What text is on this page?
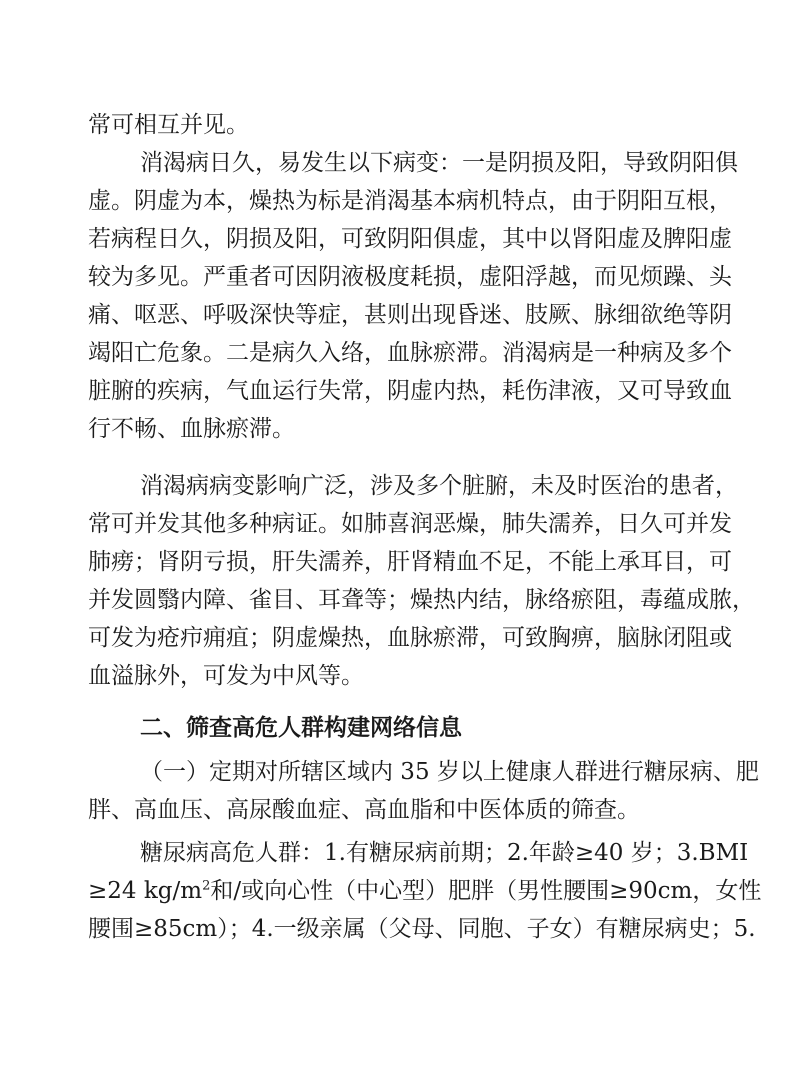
常可相互并见。
消渴病日久，易发生以下病变：一是阴损及阳，导致阴阳俱
虚。阴虚为本，燥热为标是消渴基本病机特点，由于阴阳互根，
若病程日久，阴损及阳，可致阴阳俱虚，其中以肾阳虚及脾阳虚
较为多见。严重者可因阴液极度耗损，虚阳浮越，而见烦躁、头
痛、呕恶、呼吸深快等症，甚则出现昏迷、肢厥、脉细欲绝等阴
竭阳亡危象。二是病久入络，血脉瘀滞。消渴病是一种病及多个
脏腑的疾病，气血运行失常，阴虚内热，耗伤津液，又可导致血
行不畅、血脉瘀滞。
消渴病病变影响广泛，涉及多个脏腑，未及时医治的患者，
常可并发其他多种病证。如肺喜润恶燥，肺失濡养，日久可并发
肺痨；肾阴亏损，肝失濡养，肝肾精血不足，不能上承耳目，可
并发圆翳内障、雀目、耳聋等；燥热内结，脉络瘀阻，毒蕴成脓，
可发为疮疖痈疽；阴虚燥热，血脉瘀滞，可致胸痹，脑脉闭阻或
血溢脉外，可发为中风等。
二、筛查高危人群构建网络信息
（一）定期对所辖区域内 35 岁以上健康人群进行糖尿病、肥
胖、高血压、高尿酸血症、高血脂和中医体质的筛查。
糖尿病高危人群：1.有糖尿病前期；2.年龄≥40 岁；3.BMI
≥24 $kg/m^2$和/或向心性（中心型）肥胖（男性腰围≥90cm，女性
腰围≥85cm）；4.一级亲属（父母、同胞、子女）有糖尿病史；5.
